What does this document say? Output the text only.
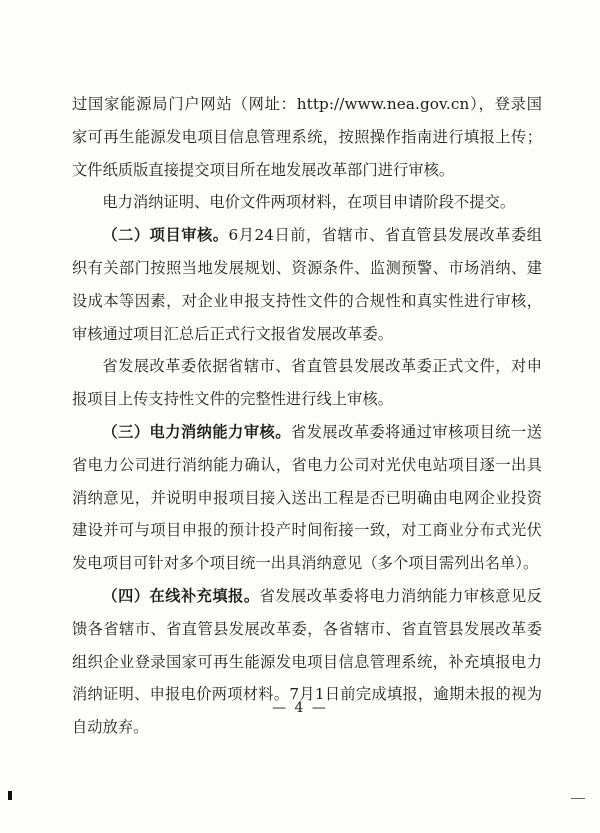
过国家能源局门户网站（网址：http://www.nea.gov.cn），登录国家可再生能源发电项目信息管理系统，按照操作指南进行填报上传；文件纸质版直接提交项目所在地发展改革部门进行审核。

电力消纳证明、电价文件两项材料，在项目申请阶段不提交。

（二）项目审核。6月24日前，省辖市、省直管县发展改革委组织有关部门按照当地发展规划、资源条件、监测预警、市场消纳、建设成本等因素，对企业申报支持性文件的合规性和真实性进行审核，审核通过项目汇总后正式行文报省发展改革委。

省发展改革委依据省辖市、省直管县发展改革委正式文件，对申报项目上传支持性文件的完整性进行线上审核。

（三）电力消纳能力审核。省发展改革委将通过审核项目统一送省电力公司进行消纳能力确认，省电力公司对光伏电站项目逐一出具消纳意见，并说明申报项目接入送出工程是否已明确由电网企业投资建设并可与项目申报的预计投产时间衔接一致，对工商业分布式光伏发电项目可针对多个项目统一出具消纳意见（多个项目需列出名单）。

（四）在线补充填报。省发展改革委将电力消纳能力审核意见反馈各省辖市、省直管县发展改革委，各省辖市、省直管县发展改革委组织企业登录国家可再生能源发电项目信息管理系统，补充填报电力消纳证明、申报电价两项材料。7月1日前完成填报，逾期未报的视为自动放弃。

— 4 —
